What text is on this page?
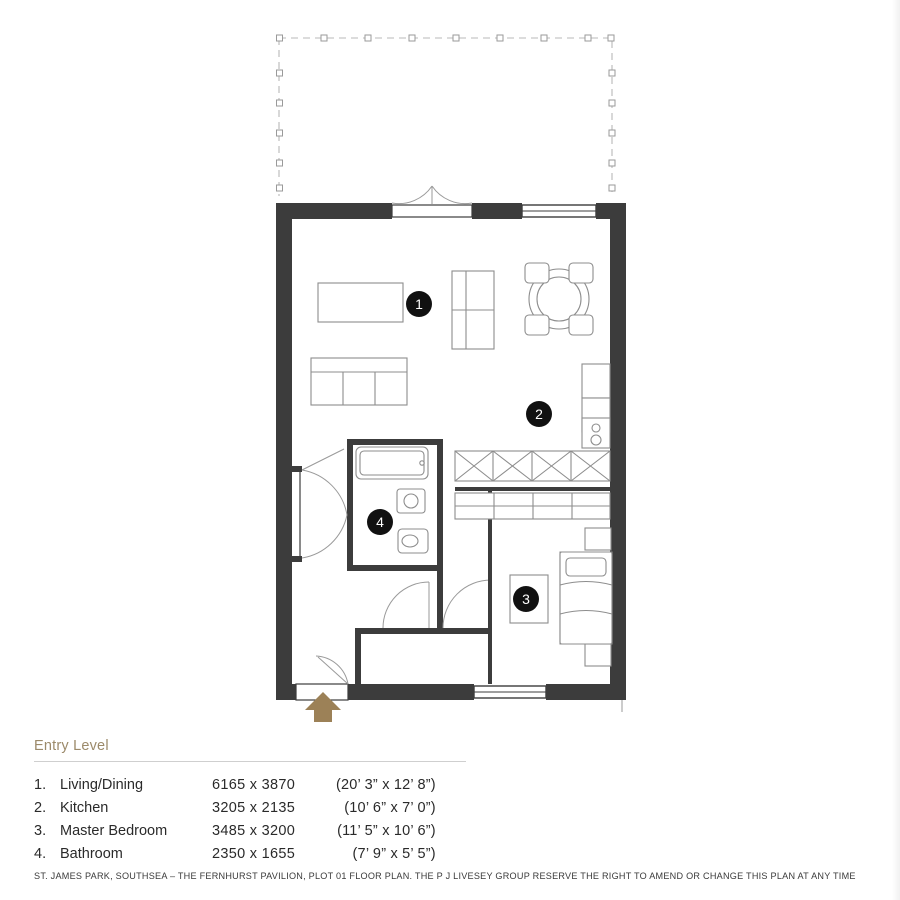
1
2
3
4
Entry Level
1.	Living/Dining	6165 x 3870	(20’ 3” x 12’ 8”)
2.	Kitchen	3205 x 2135	(10’ 6” x 7’ 0”)
3.	Master Bedroom	3485 x 3200	(11’ 5” x 10’ 6”)
4.	Bathroom	2350 x 1655	(7’ 9” x 5’ 5”)
ST. JAMES PARK, SOUTHSEA – THE FERNHURST PAVILION, PLOT 01 FLOOR PLAN. THE P J LIVESEY GROUP RESERVE THE RIGHT TO AMEND OR CHANGE THIS PLAN AT ANY TIME
